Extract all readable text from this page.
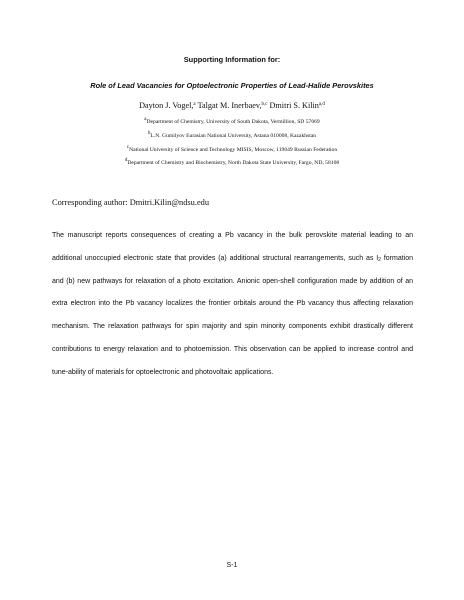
Supporting Information for:
Role of Lead Vacancies for Optoelectronic Properties of Lead-Halide Perovskites
Dayton J. Vogel,$^a$ Talgat M. Inerbaev,$^{b,c}$ Dmitri S. Kilin$^{a,d}$
$^a$Department of Chemistry, University of South Dakota, Vermillion, SD 57069
$^b$L.N. Gumilyov Eurasian National University, Astana 010008, Kazakhstan
$^c$National University of Science and Technology MISIS, Moscow, 119049 Russian Federation
$^d$Department of Chemistry and Biochemistry, North Dakota State University, Fargo, ND, 58108
Corresponding author: Dmitri.Kilin@ndsu.edu

The manuscript reports consequences of creating a Pb vacancy in the bulk perovskite material leading to an additional unoccupied electronic state that provides (a) additional structural rearrangements, such as $I_2$ formation and (b) new pathways for relaxation of a photo excitation. Anionic open-shell configuration made by addition of an extra electron into the Pb vacancy localizes the frontier orbitals around the Pb vacancy thus affecting relaxation mechanism. The relaxation pathways for spin majority and spin minority components exhibit drastically different contributions to energy relaxation and to photoemission. This observation can be applied to increase control and tune-ability of materials for optoelectronic and photovoltaic applications.

S-1
